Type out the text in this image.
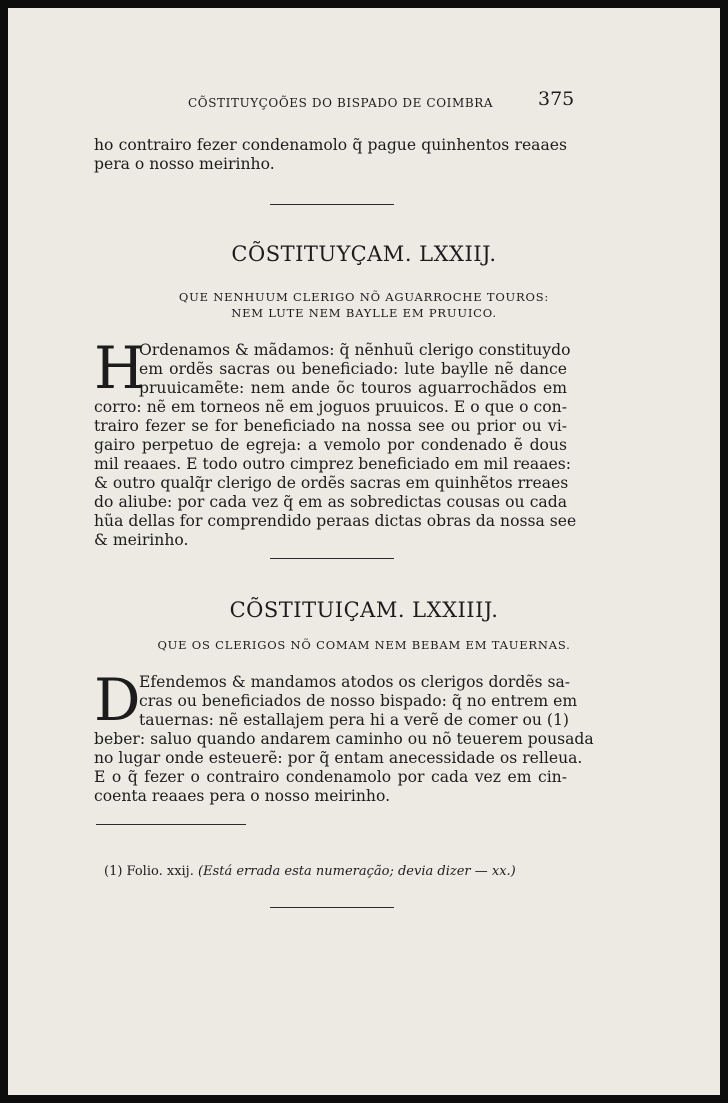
CÕSTITUYÇOÕES DO BISPADO DE COIMBRA 375
ho contrairo fezer condenamolo q̃ pague quinhentos reaaes
pera o nosso meirinho.
CÕSTITUYÇAM. LXXIIJ.
QUE NENHUUM CLERIGO NÕ AGUARROCHE TOUROS:
NEM LUTE NEM BAYLLE EM PRUUICO.
H
Ordenamos & mãdamos: q̃ nẽnhuũ clerigo constituydo
em ordẽs sacras ou beneficiado: lute baylle nẽ dance
pruuicamẽte: nem ande õc touros aguarrochãdos em
corro: nẽ em torneos nẽ em joguos pruuicos. E o que o con-
trairo fezer se for beneficiado na nossa see ou prior ou vi-
gairo perpetuo de egreja: a vemolo por condenado ẽ dous
mil reaaes. E todo outro cimprez beneficiado em mil reaaes:
& outro qualq̃r clerigo de ordẽs sacras em quinhẽtos rreaes
do aliube: por cada vez q̃ em as sobredictas cousas ou cada
hũa dellas for comprendido peraas dictas obras da nossa see
& meirinho.
CÕSTITUIÇAM. LXXIIIJ.
QUE OS CLERIGOS NÕ COMAM NEM BEBAM EM TAUERNAS.
D
Efendemos & mandamos atodos os clerigos dordẽs sa-
cras ou beneficiados de nosso bispado: q̃ no entrem em
tauernas: nẽ estallajem pera hi a verẽ de comer ou (1)
beber: saluo quando andarem caminho ou nõ teuerem pousada
no lugar onde esteuerẽ: por q̃ entam anecessidade os relleua.
E o q̃ fezer o contrairo condenamolo por cada vez em cin-
coenta reaaes pera o nosso meirinho.
(1) Folio. xxij. (Está errada esta numeração; devia dizer — xx.)
